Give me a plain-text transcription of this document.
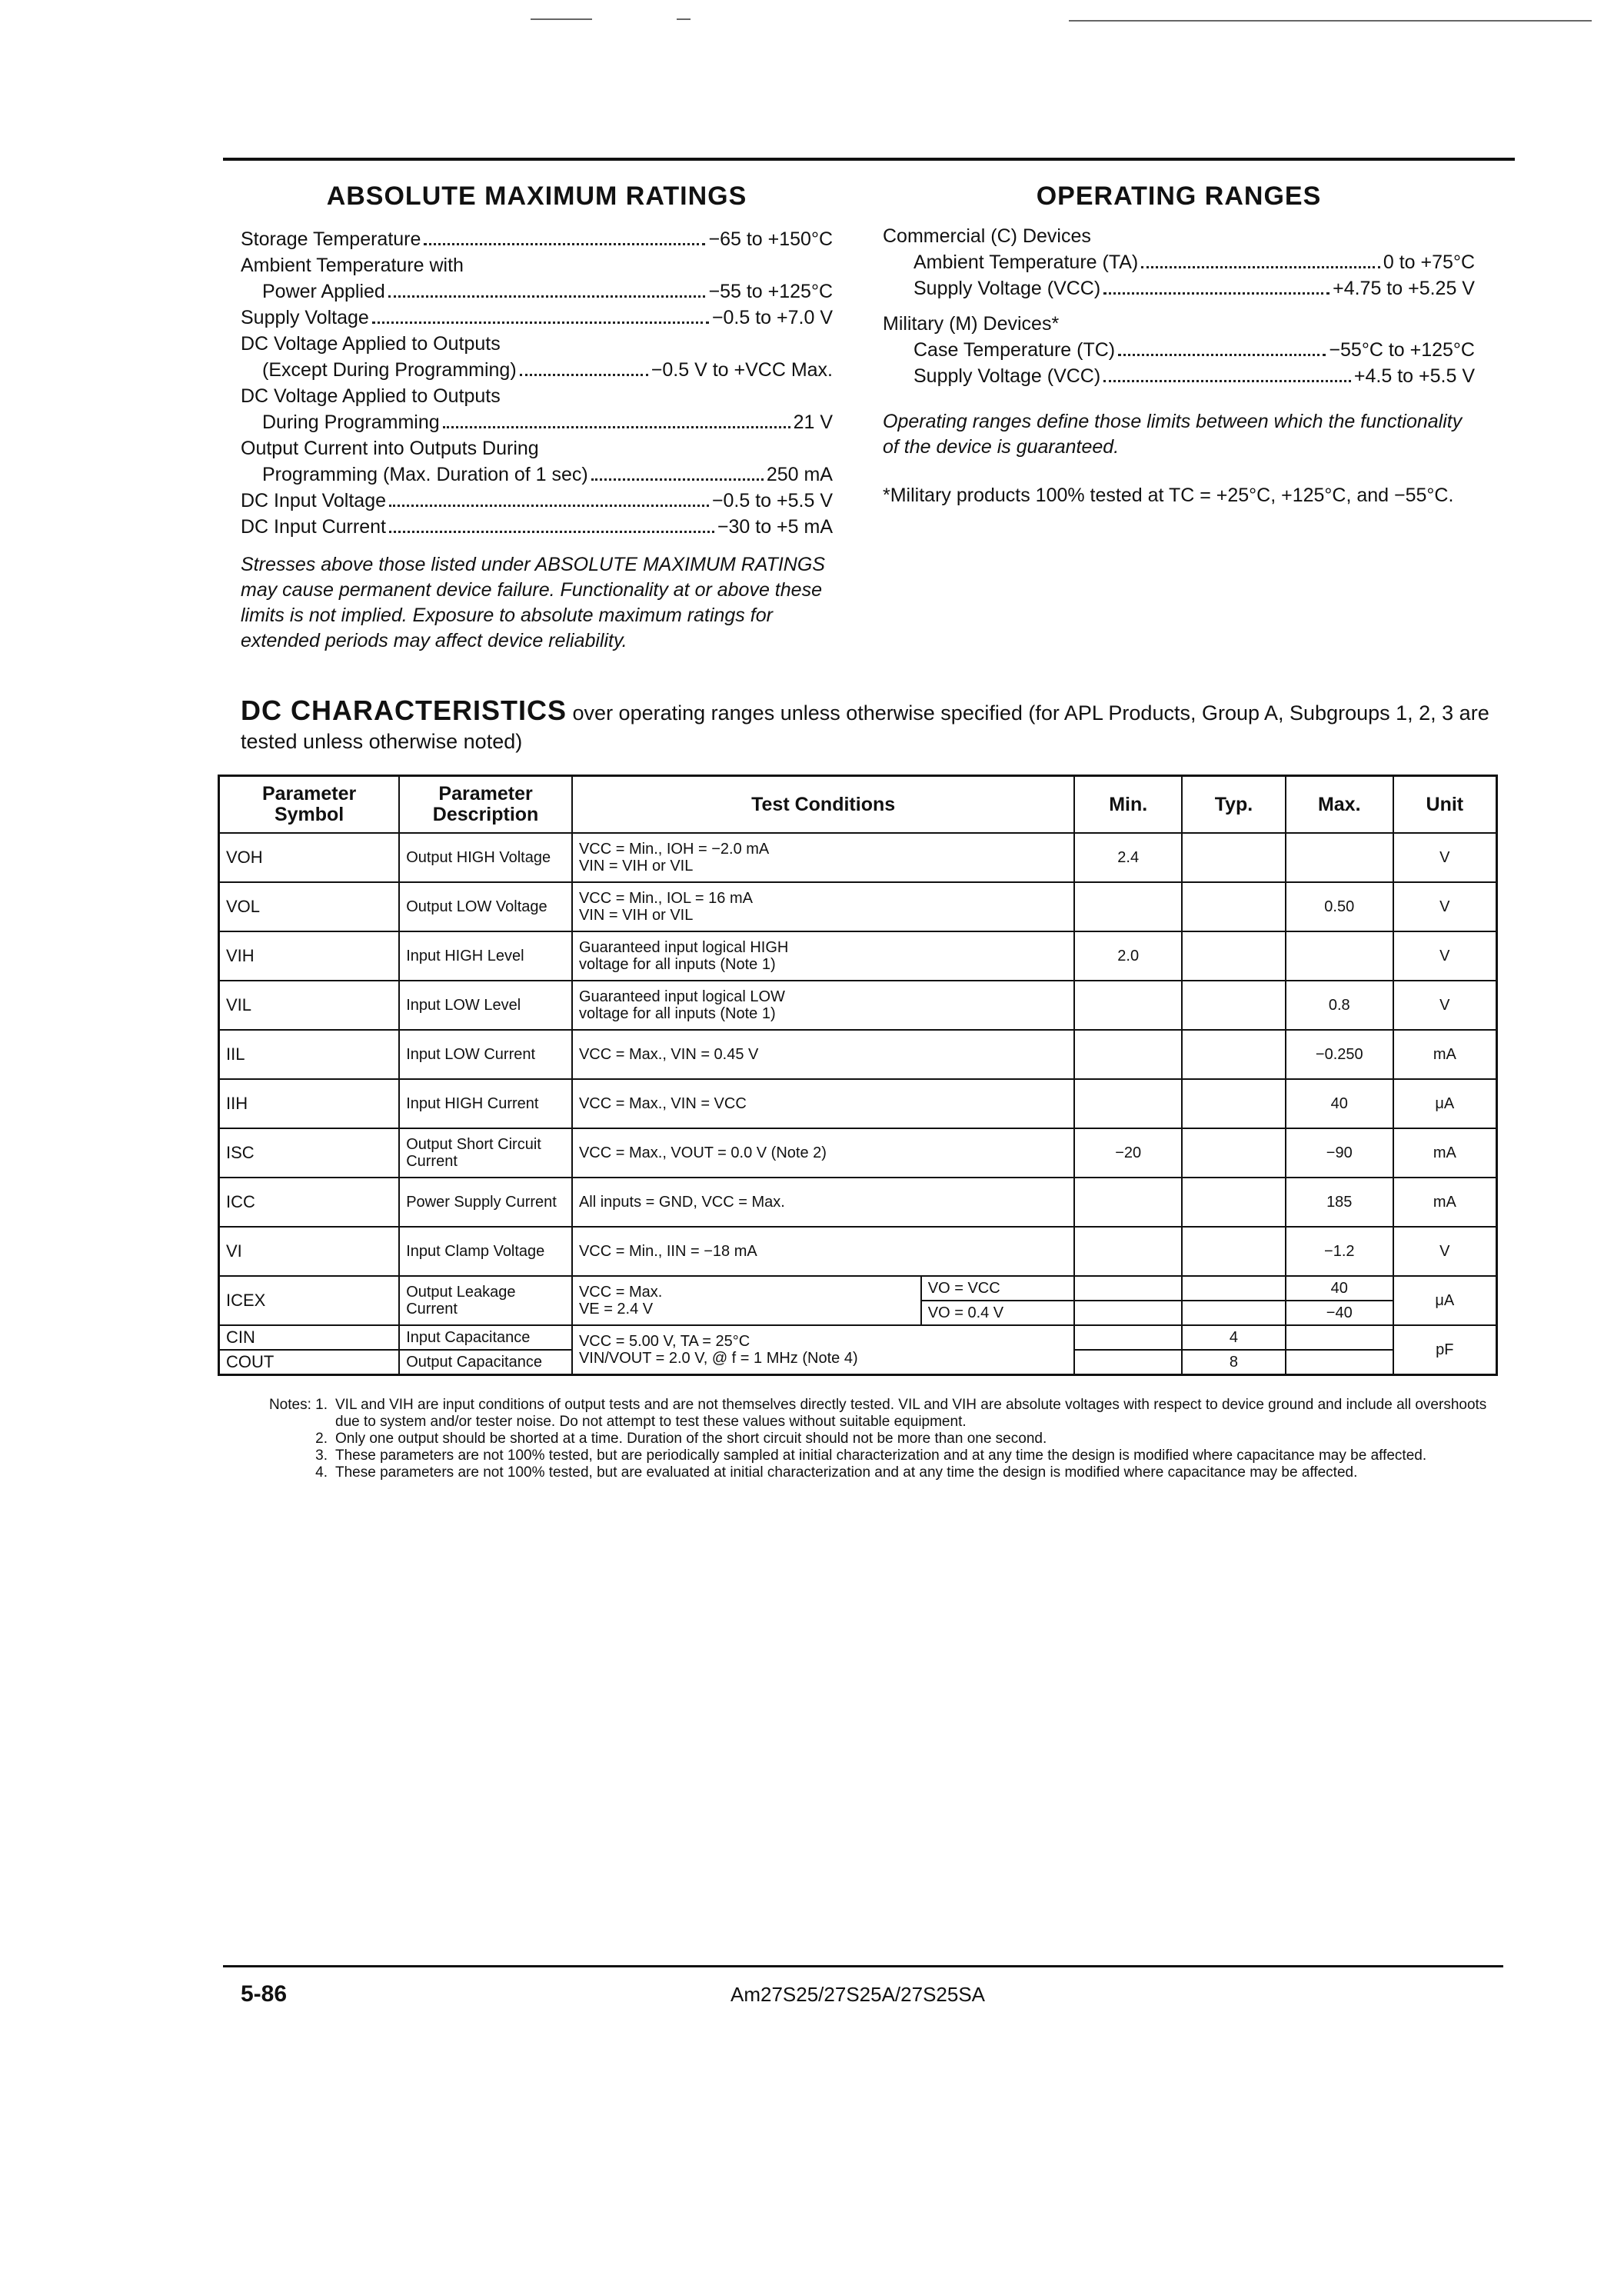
ABSOLUTE MAXIMUM RATINGS
Storage Temperature	−65 to +150°C
Ambient Temperature with
Power Applied	−55 to +125°C
Supply Voltage	−0.5 to +7.0 V
DC Voltage Applied to Outputs
(Except During Programming)	−0.5 V to +VCC Max.
DC Voltage Applied to Outputs
During Programming	21 V
Output Current into Outputs During
Programming (Max. Duration of 1 sec)	250 mA
DC Input Voltage	−0.5 to +5.5 V
DC Input Current	−30 to +5 mA
Stresses above those listed under ABSOLUTE MAXIMUM RATINGS may cause permanent device failure. Functionality at or above these limits is not implied. Exposure to absolute maximum ratings for extended periods may affect device reliability.
OPERATING RANGES
Commercial (C) Devices
Ambient Temperature (TA)	0 to +75°C
Supply Voltage (VCC)	+4.75 to +5.25 V
Military (M) Devices*
Case Temperature (TC)	−55°C to +125°C
Supply Voltage (VCC)	+4.5 to +5.5 V
Operating ranges define those limits between which the functionality of the device is guaranteed.
*Military products 100% tested at TC = +25°C, +125°C, and −55°C.
DC CHARACTERISTICS over operating ranges unless otherwise specified (for APL Products, Group A, Subgroups 1, 2, 3 are tested unless otherwise noted)
Parameter Symbol	Parameter Description	Test Conditions		Min.	Typ.	Max.	Unit
VOH	Output HIGH Voltage	VCC = Min., IOH = −2.0 mA
VIN = VIH or VIL		2.4			V
VOL	Output LOW Voltage	VCC = Min., IOL = 16 mA
VIN = VIH or VIL				0.50	V
VIH	Input HIGH Level	Guaranteed input logical HIGH
voltage for all inputs (Note 1)		2.0			V
VIL	Input LOW Level	Guaranteed input logical LOW
voltage for all inputs (Note 1)				0.8	V
IIL	Input LOW Current	VCC = Max., VIN = 0.45 V				−0.250	mA
IIH	Input HIGH Current	VCC = Max., VIN = VCC				40	μA
ISC	Output Short Circuit Current	VCC = Max., VOUT = 0.0 V (Note 2)		−20		−90	mA
ICC	Power Supply Current	All inputs = GND, VCC = Max.				185	mA
VI	Input Clamp Voltage	VCC = Min., IIN = −18 mA				−1.2	V
ICEX	Output Leakage Current	VCC = Max.
VE = 2.4 V	VO = VCC			40	μA
			VO = 0.4 V			−40	
CIN	Input Capacitance	VCC = 5.00 V, TA = 25°C
VIN/VOUT = 2.0 V, @ f = 1 MHz (Note 4)			4		pF
COUT	Output Capacitance				8		
Notes: 1. VIL and VIH are input conditions of output tests and are not themselves directly tested. VIL and VIH are absolute voltages with respect to device ground and include all overshoots due to system and/or tester noise. Do not attempt to test these values without suitable equipment.
2. Only one output should be shorted at a time. Duration of the short circuit should not be more than one second.
3. These parameters are not 100% tested, but are periodically sampled at initial characterization and at any time the design is modified where capacitance may be affected.
4. These parameters are not 100% tested, but are evaluated at initial characterization and at any time the design is modified where capacitance may be affected.
5-86	Am27S25/27S25A/27S25SA
